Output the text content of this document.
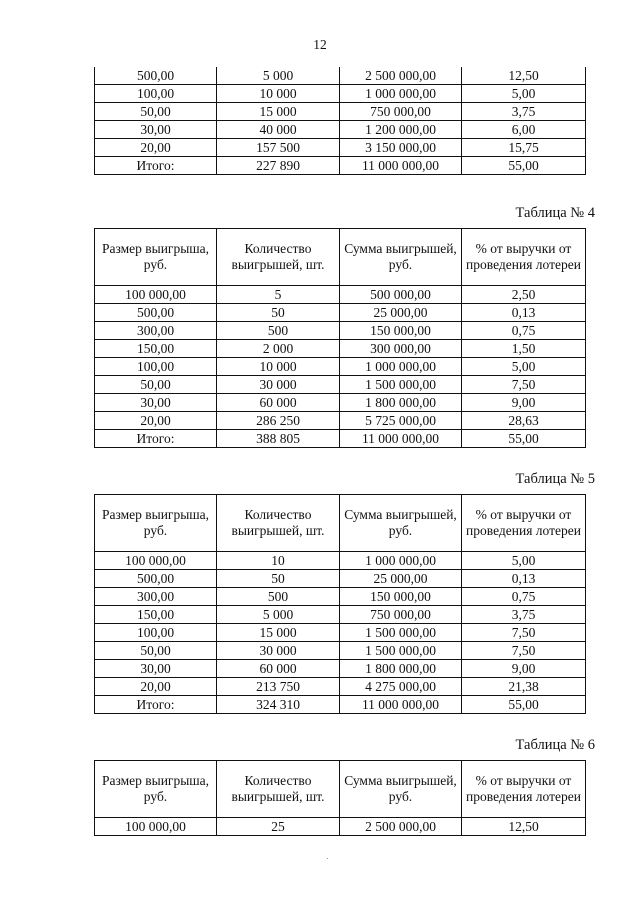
12
500,00	5 000	2 500 000,00	12,50
100,00	10 000	1 000 000,00	5,00
50,00	15 000	750 000,00	3,75
30,00	40 000	1 200 000,00	6,00
20,00	157 500	3 150 000,00	15,75
Итого:	227 890	11 000 000,00	55,00
Таблица № 4
Размер выигрыша, руб.	Количество выигрышей, шт.	Сумма выигрышей, руб.	% от выручки от проведения лотереи
100 000,00	5	500 000,00	2,50
500,00	50	25 000,00	0,13
300,00	500	150 000,00	0,75
150,00	2 000	300 000,00	1,50
100,00	10 000	1 000 000,00	5,00
50,00	30 000	1 500 000,00	7,50
30,00	60 000	1 800 000,00	9,00
20,00	286 250	5 725 000,00	28,63
Итого:	388 805	11 000 000,00	55,00
Таблица № 5
Размер выигрыша, руб.	Количество выигрышей, шт.	Сумма выигрышей, руб.	% от выручки от проведения лотереи
100 000,00	10	1 000 000,00	5,00
500,00	50	25 000,00	0,13
300,00	500	150 000,00	0,75
150,00	5 000	750 000,00	3,75
100,00	15 000	1 500 000,00	7,50
50,00	30 000	1 500 000,00	7,50
30,00	60 000	1 800 000,00	9,00
20,00	213 750	4 275 000,00	21,38
Итого:	324 310	11 000 000,00	55,00
Таблица № 6
Размер выигрыша, руб.	Количество выигрышей, шт.	Сумма выигрышей, руб.	% от выручки от проведения лотереи
100 000,00	25	2 500 000,00	12,50
